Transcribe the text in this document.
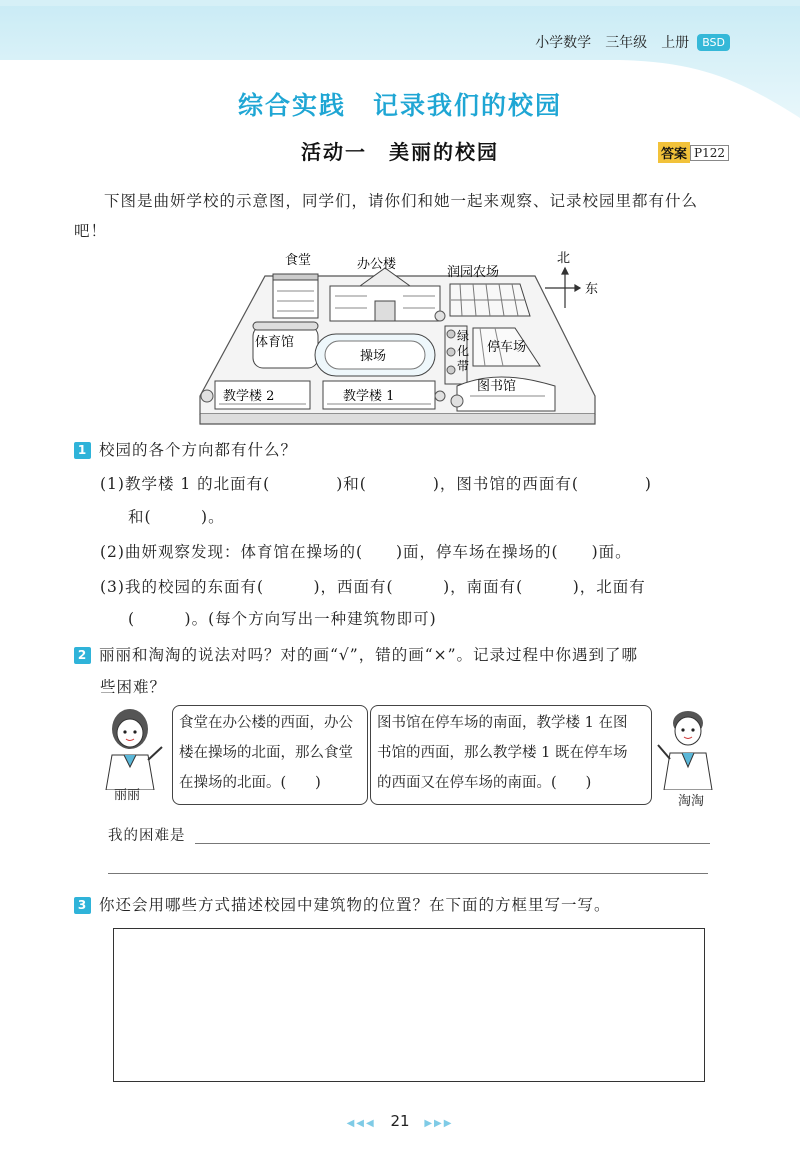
小学数学 三年级 上册	BSD
综合实践　记录我们的校园
活动一　美丽的校园	答案 P122
下图是曲妍学校的示意图，同学们，请你们和她一起来观察、记录校园里都有什么吧！
食堂	办公楼
润园农场
北
东
体育馆
操场
绿化带
停车场
图书馆
教学楼 2	教学楼 1
1 校园的各个方向都有什么？
(1)教学楼 1 的北面有(　　　　)和(　　　　)，图书馆的西面有(　　　　)
和(　　　)。
(2)曲妍观察发现：体育馆在操场的(　　)面，停车场在操场的(　　)面。
(3)我的校园的东面有(　　　)，西面有(　　　)，南面有(　　　)，北面有
(　　　)。(每个方向写出一种建筑物即可)
2 丽丽和淘淘的说法对吗？对的画“√”，错的画“×”。记录过程中你遇到了哪
些困难？
丽丽
食堂在办公楼的西面，办公
楼在操场的北面，那么食堂
在操场的北面。(　　)
图书馆在停车场的南面，教学楼 1 在图
书馆的西面，那么教学楼 1 既在停车场
的西面又在停车场的南面。(　　)
淘淘
我的困难是
3 你还会用哪些方式描述校园中建筑物的位置？在下面的方框里写一写。
◀◀◀ 21 ▶▶▶
